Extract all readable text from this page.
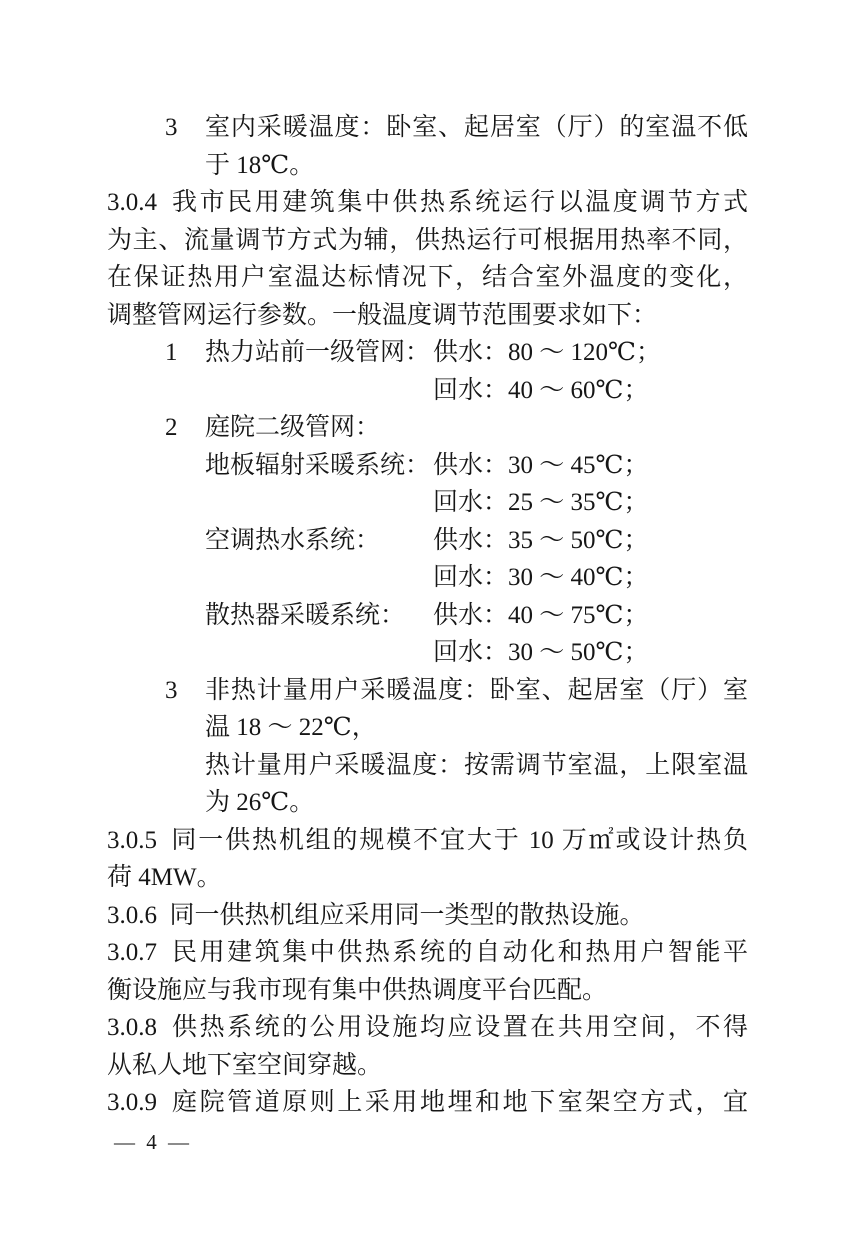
3 室内采暖温度：卧室、起居室（厅）的室温不低
于 18℃。
3.0.4 我市民用建筑集中供热系统运行以温度调节方式
为主、流量调节方式为辅，供热运行可根据用热率不同，
在保证热用户室温达标情况下，结合室外温度的变化，
调整管网运行参数。一般温度调节范围要求如下：
1 热力站前一级管网： 供水：80 ～ 120℃；
回水：40 ～ 60℃；
2 庭院二级管网：
地板辐射采暖系统： 供水：30 ～ 45℃；
回水：25 ～ 35℃；
空调热水系统： 供水：35 ～ 50℃；
回水：30 ～ 40℃；
散热器采暖系统： 供水：40 ～ 75℃；
回水：30 ～ 50℃；
3 非热计量用户采暖温度：卧室、起居室（厅）室
温 18 ～ 22℃，
热计量用户采暖温度：按需调节室温，上限室温
为 26℃。
3.0.5 同一供热机组的规模不宜大于 10 万㎡或设计热负
荷 4MW。
3.0.6 同一供热机组应采用同一类型的散热设施。
3.0.7 民用建筑集中供热系统的自动化和热用户智能平
衡设施应与我市现有集中供热调度平台匹配。
3.0.8 供热系统的公用设施均应设置在共用空间，不得
从私人地下室空间穿越。
3.0.9 庭院管道原则上采用地埋和地下室架空方式，宜
— 4 —
